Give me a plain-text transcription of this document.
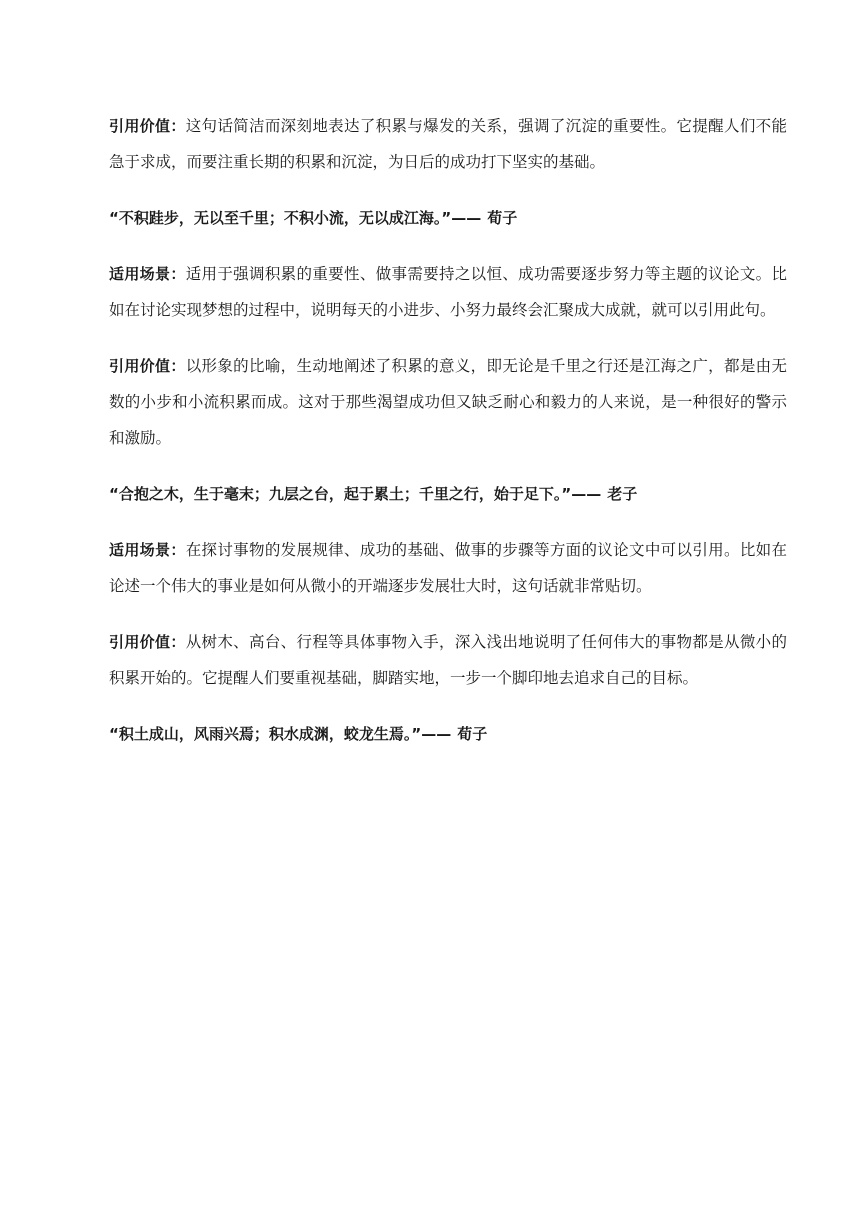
引用价值：这句话简洁而深刻地表达了积累与爆发的关系，强调了沉淀的重要性。它提醒人们不能急于求成，而要注重长期的积累和沉淀，为日后的成功打下坚实的基础。

“不积跬步，无以至千里；不积小流，无以成江海。”—— 荀子

适用场景：适用于强调积累的重要性、做事需要持之以恒、成功需要逐步努力等主题的议论文。比如在讨论实现梦想的过程中，说明每天的小进步、小努力最终会汇聚成大成就，就可以引用此句。

引用价值：以形象的比喻，生动地阐述了积累的意义，即无论是千里之行还是江海之广，都是由无数的小步和小流积累而成。这对于那些渴望成功但又缺乏耐心和毅力的人来说，是一种很好的警示和激励。

“合抱之木，生于毫末；九层之台，起于累土；千里之行，始于足下。”—— 老子

适用场景：在探讨事物的发展规律、成功的基础、做事的步骤等方面的议论文中可以引用。比如在论述一个伟大的事业是如何从微小的开端逐步发展壮大时，这句话就非常贴切。

引用价值：从树木、高台、行程等具体事物入手，深入浅出地说明了任何伟大的事物都是从微小的积累开始的。它提醒人们要重视基础，脚踏实地，一步一个脚印地去追求自己的目标。

“积土成山，风雨兴焉；积水成渊，蛟龙生焉。”—— 荀子
